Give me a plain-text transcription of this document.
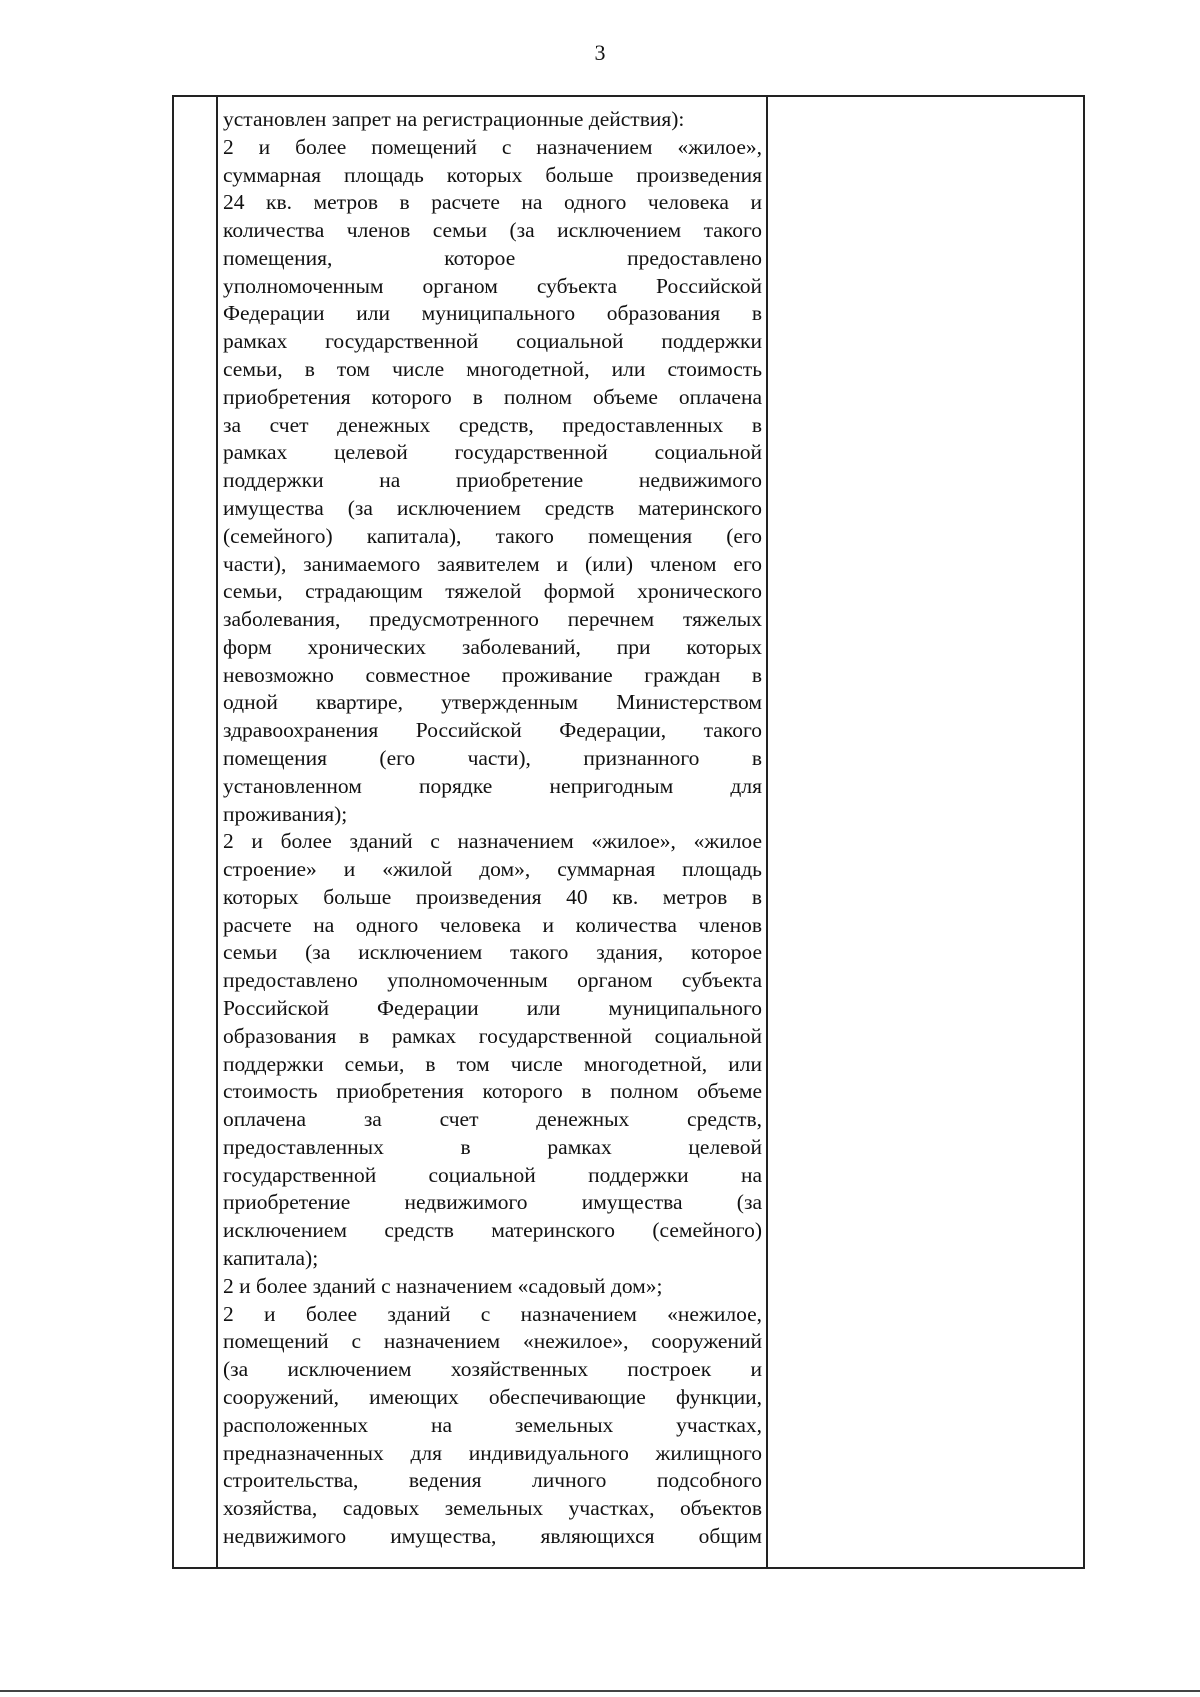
3
установлен запрет на регистрационные действия):
2 и более помещений с назначением «жилое»,
суммарная площадь которых больше произведения
24 кв. метров в расчете на одного человека и
количества членов семьи (за исключением такого
помещения, которое предоставлено
уполномоченным органом субъекта Российской
Федерации или муниципального образования в
рамках государственной социальной поддержки
семьи, в том числе многодетной, или стоимость
приобретения которого в полном объеме оплачена
за счет денежных средств, предоставленных в
рамках целевой государственной социальной
поддержки на приобретение недвижимого
имущества (за исключением средств материнского
(семейного) капитала), такого помещения (его
части), занимаемого заявителем и (или) членом его
семьи, страдающим тяжелой формой хронического
заболевания, предусмотренного перечнем тяжелых
форм хронических заболеваний, при которых
невозможно совместное проживание граждан в
одной квартире, утвержденным Министерством
здравоохранения Российской Федерации, такого
помещения (его части), признанного в
установленном порядке непригодным для
проживания);
2 и более зданий с назначением «жилое», «жилое
строение» и «жилой дом», суммарная площадь
которых больше произведения 40 кв. метров в
расчете на одного человека и количества членов
семьи (за исключением такого здания, которое
предоставлено уполномоченным органом субъекта
Российской Федерации или муниципального
образования в рамках государственной социальной
поддержки семьи, в том числе многодетной, или
стоимость приобретения которого в полном объеме
оплачена за счет денежных средств,
предоставленных в рамках целевой
государственной социальной поддержки на
приобретение недвижимого имущества (за
исключением средств материнского (семейного)
капитала);
2 и более зданий с назначением «садовый дом»;
2 и более зданий с назначением «нежилое,
помещений с назначением «нежилое», сооружений
(за исключением хозяйственных построек и
сооружений, имеющих обеспечивающие функции,
расположенных на земельных участках,
предназначенных для индивидуального жилищного
строительства, ведения личного подсобного
хозяйства, садовых земельных участках, объектов
недвижимого имущества, являющихся общим
